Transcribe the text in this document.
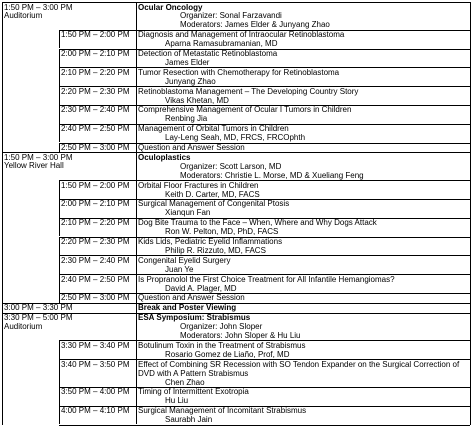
1:50 PM – 3:00 PM	Ocular Oncology
Auditorium	Organizer: Sonal Farzavandi
Moderators: James Elder & Junyang Zhao
1:50 PM – 2:00 PM Diagnosis and Management of Intraocular Retinoblastoma
Aparna Ramasubramanian, MD
2:00 PM – 2:10 PM Detection of Metastatic Retinoblastoma
James Elder
2:10 PM – 2:20 PM Tumor Resection with Chemotherapy for Retinoblastoma
Junyang Zhao
2:20 PM – 2:30 PM Retinoblastoma Management – The Developing Country Story
Vikas Khetan, MD
2:30 PM – 2:40 PM Comprehensive Management of Ocular I Tumors in Children
Renbing Jia
2:40 PM – 2:50 PM Management of Orbital Tumors in Children
Lay-Leng Seah, MD, FRCS, FRCOphth
2:50 PM – 3:00 PM Question and Answer Session
1:50 PM – 3:00 PM	Oculoplastics
Yellow River Hall	Organizer: Scott Larson, MD
Moderators: Christie L. Morse, MD & Xueliang Feng
1:50 PM – 2:00 PM Orbital Floor Fractures in Children
Keith D. Carter, MD, FACS
2:00 PM – 2:10 PM Surgical Management of Congenital Ptosis
Xianqun Fan
2:10 PM – 2:20 PM Dog Bite Trauma to the Face – When, Where and Why Dogs Attack
Ron W. Pelton, MD, PhD, FACS
2:20 PM – 2:30 PM Kids Lids, Pediatric Eyelid Inflammations
Philip R. Rizzuto, MD, FACS
2:30 PM – 2:40 PM Congenital Eyelid Surgery
Juan Ye
2:40 PM – 2:50 PM Is Propranolol the First Choice Treatment for All Infantile Hemangiomas?
David A. Plager, MD
2:50 PM – 3:00 PM Question and Answer Session
3:00 PM – 3:30 PM	Break and Poster Viewing
3:30 PM – 5:00 PM	ESA Symposium: Strabismus
Auditorium	Organizer: John Sloper
Moderators: John Sloper & Hu Liu
3:30 PM – 3:40 PM Botulinum Toxin in the Treatment of Strabismus
Rosario Gomez de Liaño, Prof, MD
3:40 PM – 3:50 PM Effect of Combining SR Recession with SO Tendon Expander on the Surgical Correction of
DVD with A Pattern Strabismus
Chen Zhao
3:50 PM – 4:00 PM Timing of Intermittent Exotropia
Hu Liu
4:00 PM – 4:10 PM Surgical Management of Incomitant Strabismus
Saurabh Jain
